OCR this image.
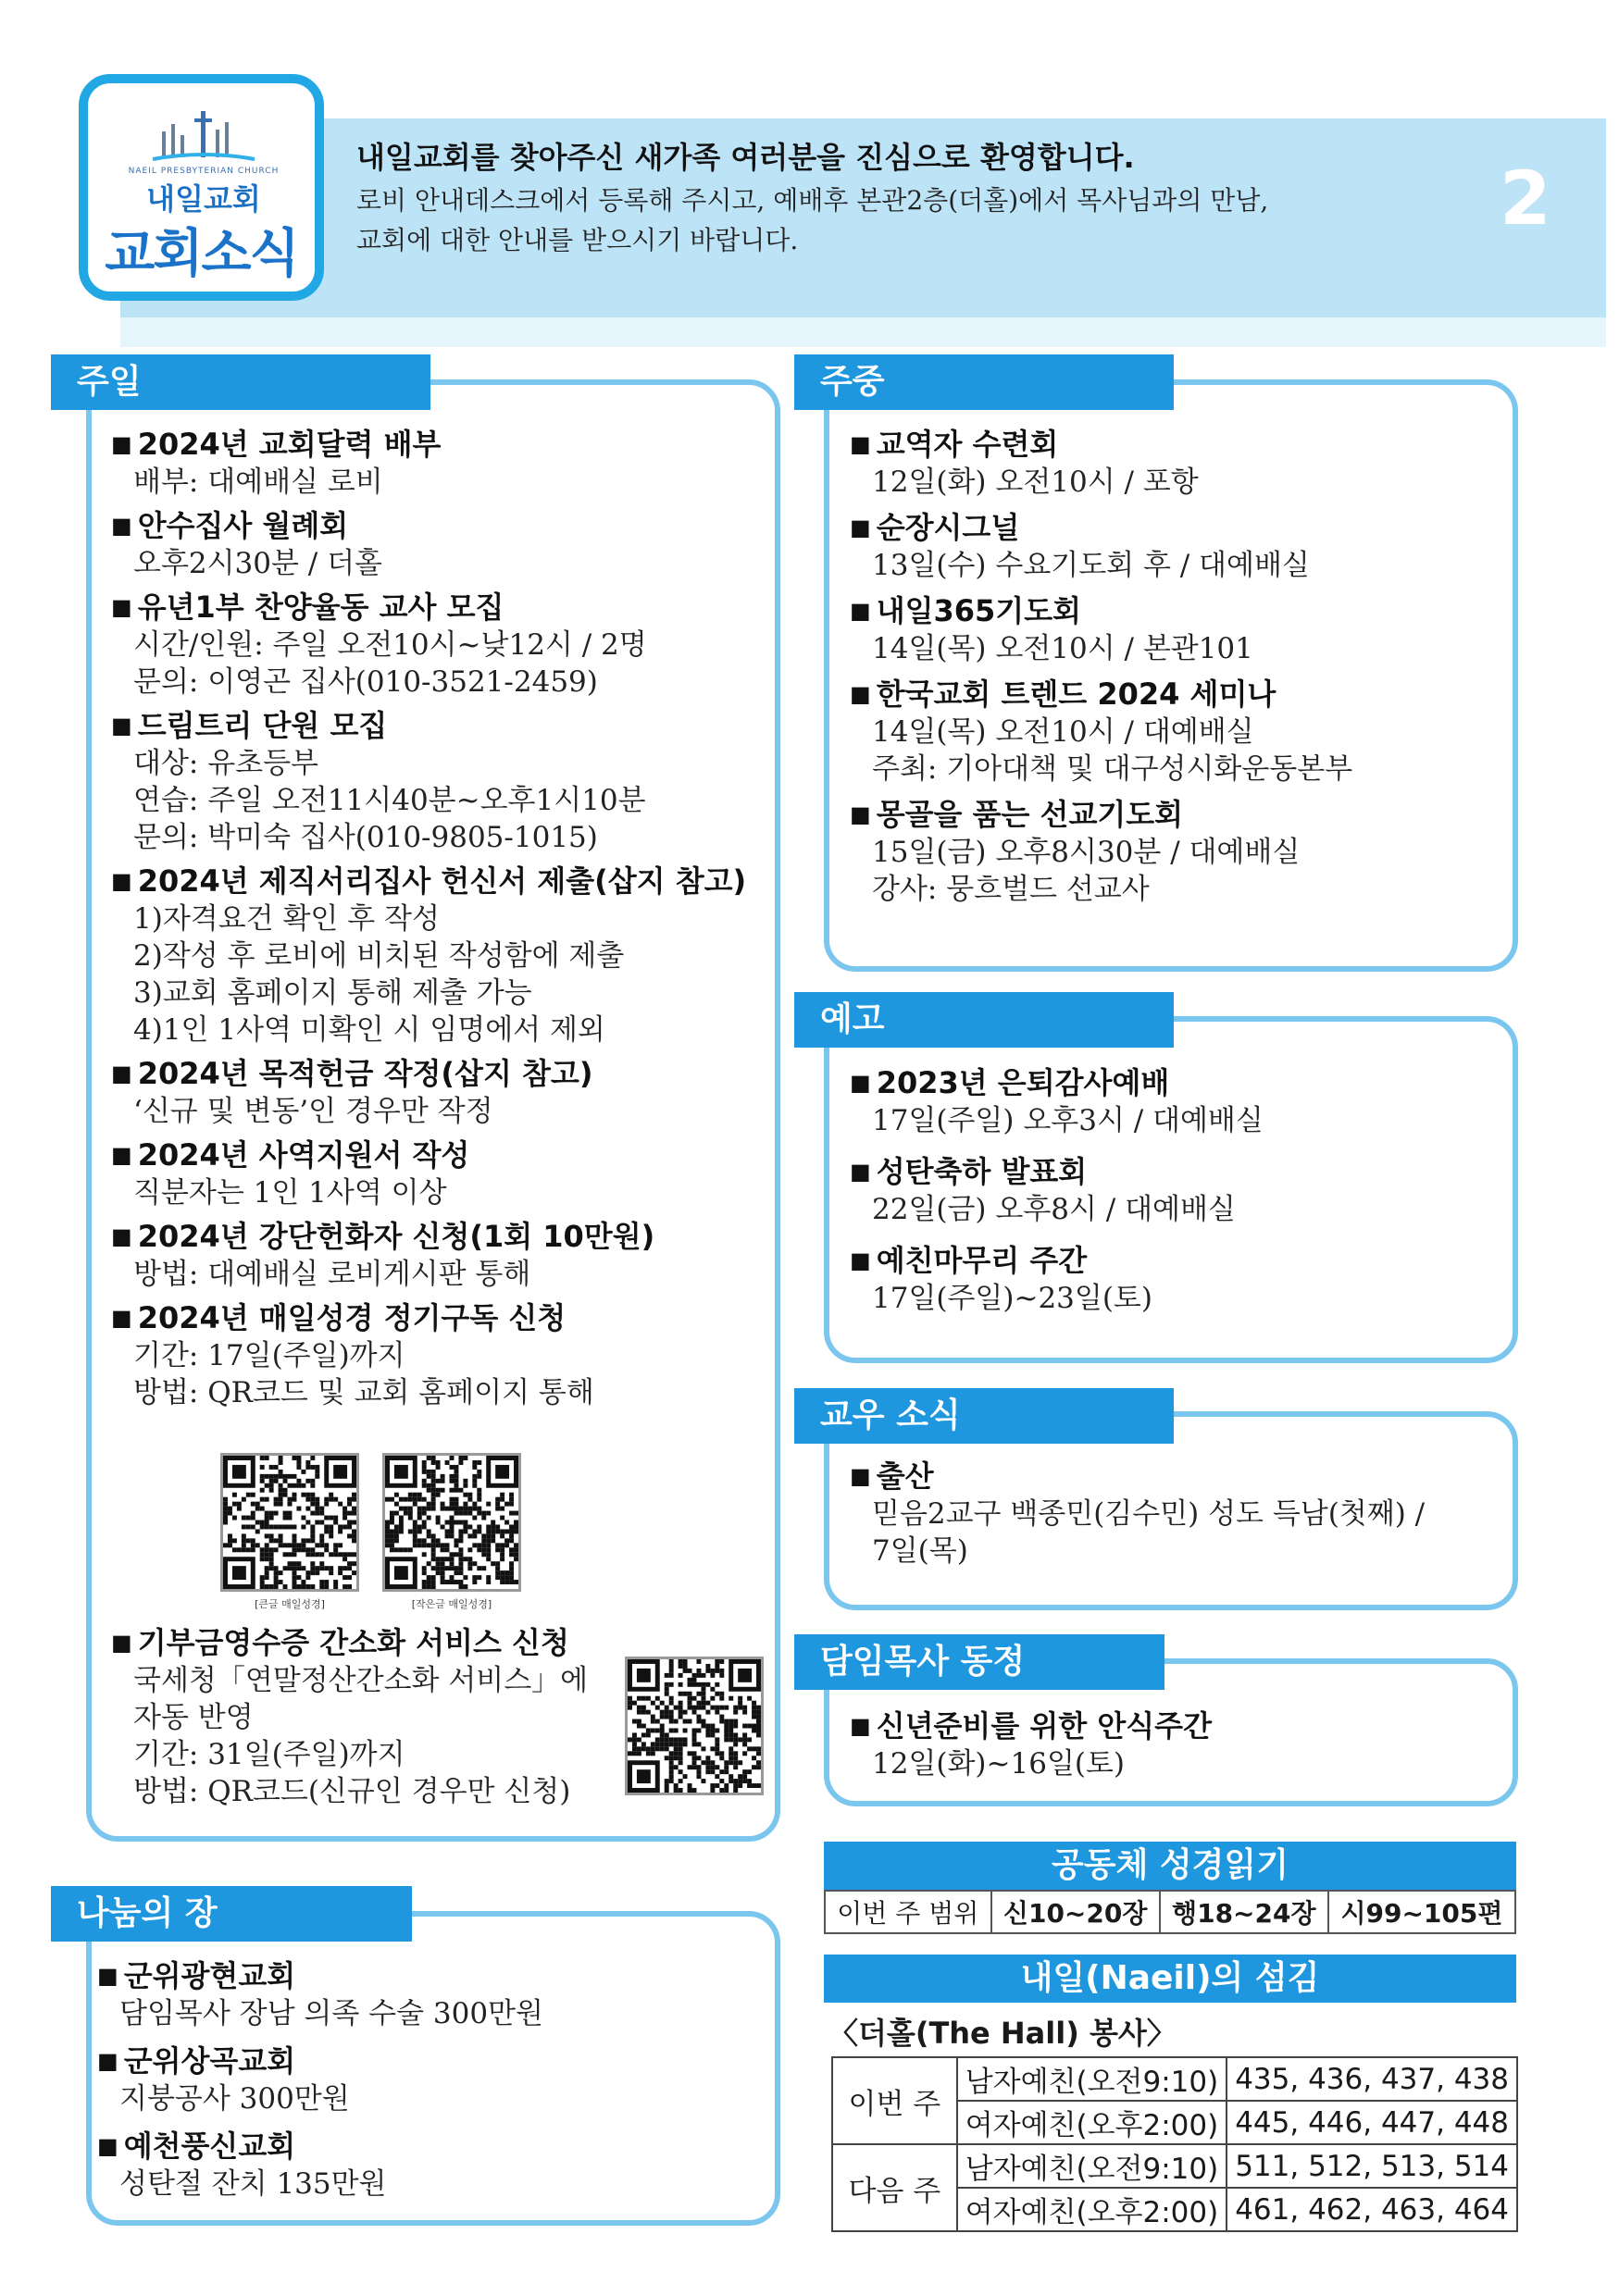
NAEIL PRESBYTERIAN CHURCH
내일교회
교회소식
내일교회를 찾아주신 새가족 여러분을 진심으로 환영합니다.
로비 안내데스크에서 등록해 주시고, 예배후 본관2층(더홀)에서 목사님과의 만남,
교회에 대한 안내를 받으시기 바랍니다.	2
주일
■ 2024년 교회달력 배부
배부: 대예배실 로비
■ 안수집사 월례회
오후2시30분 / 더홀
■ 유년1부 찬양율동 교사 모집
시간/인원: 주일 오전10시~낮12시 / 2명
문의: 이영곤 집사(010-3521-2459)
■ 드림트리 단원 모집
대상: 유초등부
연습: 주일 오전11시40분~오후1시10분
문의: 박미숙 집사(010-9805-1015)
■ 2024년 제직서리집사 헌신서 제출(삽지 참고)
1)자격요건 확인 후 작성
2)작성 후 로비에 비치된 작성함에 제출
3)교회 홈페이지 통해 제출 가능
4)1인 1사역 미확인 시 임명에서 제외
■ 2024년 목적헌금 작정(삽지 참고)
‘신규 및 변동’인 경우만 작정
■ 2024년 사역지원서 작성
직분자는 1인 1사역 이상
■ 2024년 강단헌화자 신청(1회 10만원)
방법: 대예배실 로비게시판 통해
■ 2024년 매일성경 정기구독 신청
기간: 17일(주일)까지
방법: QR코드 및 교회 홈페이지 통해
[큰글 매일성경]	[작은글 매일성경]
■ 기부금영수증 간소화 서비스 신청
국세청「연말정산간소화 서비스」에
자동 반영
기간: 31일(주일)까지
방법: QR코드(신규인 경우만 신청)
나눔의 장
■ 군위광현교회
담임목사 장남 의족 수술 300만원
■ 군위상곡교회
지붕공사 300만원
■ 예천풍신교회
성탄절 잔치 135만원
주중
■ 교역자 수련회
12일(화) 오전10시 / 포항
■ 순장시그널
13일(수) 수요기도회 후 / 대예배실
■ 내일365기도회
14일(목) 오전10시 / 본관101
■ 한국교회 트렌드 2024 세미나
14일(목) 오전10시 / 대예배실
주최: 기아대책 및 대구성시화운동본부
■ 몽골을 품는 선교기도회
15일(금) 오후8시30분 / 대예배실
강사: 뭉흐벌드 선교사
예고
■ 2023년 은퇴감사예배
17일(주일) 오후3시 / 대예배실
■ 성탄축하 발표회
22일(금) 오후8시 / 대예배실
■ 예친마무리 주간
17일(주일)~23일(토)
교우 소식
■ 출산
믿음2교구 백종민(김수민) 성도 득남(첫째) /
7일(목)
담임목사 동정
■ 신년준비를 위한 안식주간
12일(화)~16일(토)
공동체 성경읽기
이번 주 범위	신10~20장	행18~24장	시99~105편
내일(Naeil)의 섬김
〈더홀(The Hall) 봉사〉
이번 주	남자예친(오전9:10)	435, 436, 437, 438
	여자예친(오후2:00)	445, 446, 447, 448
다음 주	남자예친(오전9:10)	511, 512, 513, 514
	여자예친(오후2:00)	461, 462, 463, 464
